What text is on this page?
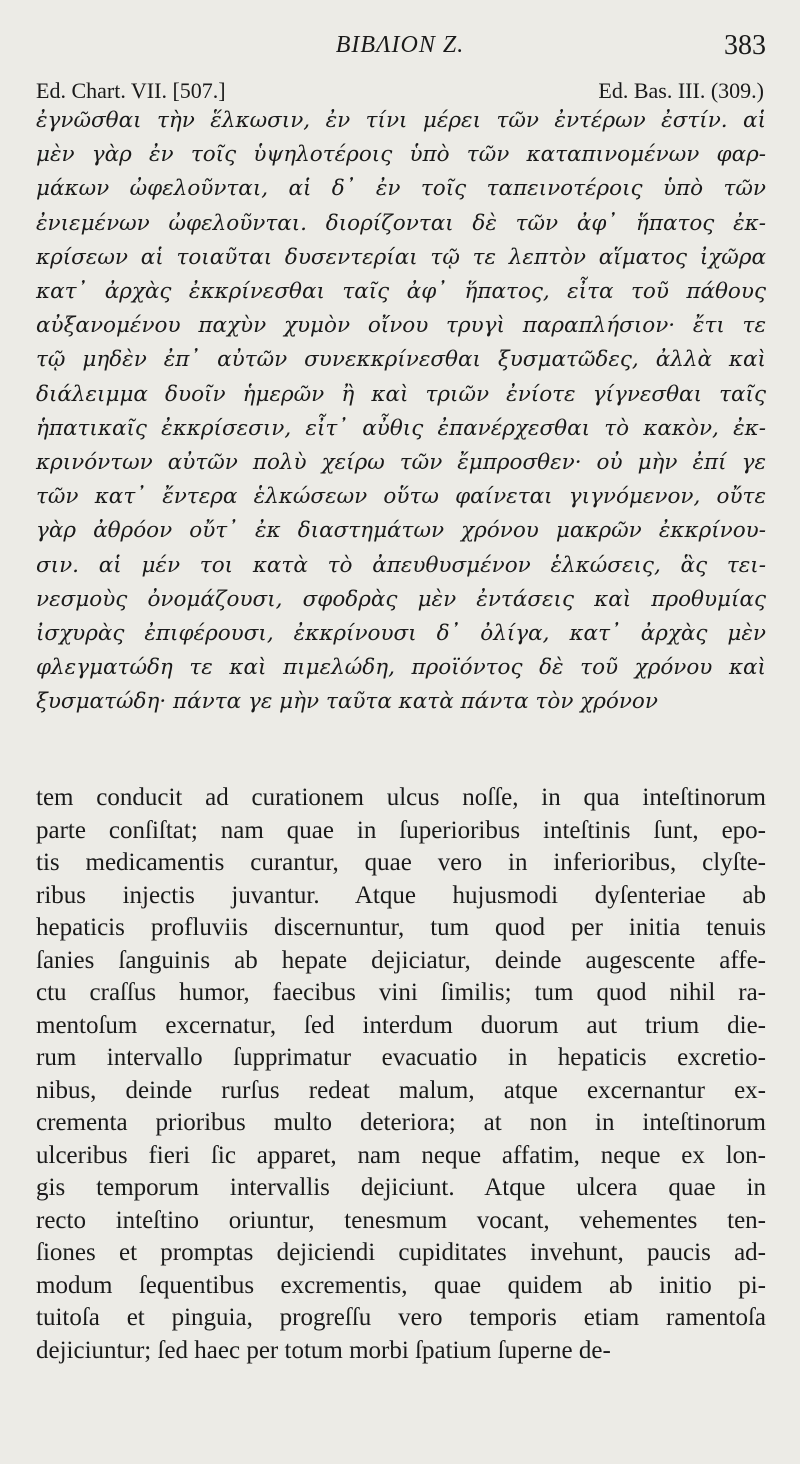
BIBΛΙΟΝ Ζ.	383
Ed. Chart. VII. [507.]	Ed. Bas. III. (309.)
ἐγνῶσθαι τὴν ἕλκωσιν, ἐν τίνι μέρει τῶν ἐντέρων ἐστίν. αἱ
μὲν γὰρ ἐν τοῖς ὑψηλοτέροις ὑπὸ τῶν καταπινομένων φαρ-
μάκων ὠφελοῦνται, αἱ δ᾽ ἐν τοῖς ταπεινοτέροις ὑπὸ τῶν
ἐνιεμένων ὠφελοῦνται. διορίζονται δὲ τῶν ἀφ᾽ ἥπατος ἐκ-
κρίσεων αἱ τοιαῦται δυσεντερίαι τῷ τε λεπτὸν αἵματος ἰχῶρα
κατ᾽ ἀρχὰς ἐκκρίνεσθαι ταῖς ἀφ᾽ ἥπατος, εἶτα τοῦ πάθους
αὐξανομένου παχὺν χυμὸν οἴνου τρυγὶ παραπλήσιον· ἔτι τε
τῷ μηδὲν ἐπ᾽ αὐτῶν συνεκκρίνεσθαι ξυσματῶδες, ἀλλὰ καὶ
διάλειμμα δυοῖν ἡμερῶν ἢ καὶ τριῶν ἐνίοτε γίγνεσθαι ταῖς
ἡπατικαῖς ἐκκρίσεσιν, εἶτ᾽ αὖθις ἐπανέρχεσθαι τὸ κακὸν, ἐκ-
κρινόντων αὐτῶν πολὺ χείρω τῶν ἔμπροσθεν· οὐ μὴν ἐπί γε
τῶν κατ᾽ ἔντερα ἑλκώσεων οὕτω φαίνεται γιγνόμενον, οὔτε
γὰρ ἀθρόον οὔτ᾽ ἐκ διαστημάτων χρόνου μακρῶν ἐκκρίνου-
σιν. αἱ μέν τοι κατὰ τὸ ἀπευθυσμένον ἑλκώσεις, ἃς τει-
νεσμοὺς ὀνομάζουσι, σφοδρὰς μὲν ἐντάσεις καὶ προθυμίας
ἰσχυρὰς ἐπιφέρουσι, ἐκκρίνουσι δ᾽ ὀλίγα, κατ᾽ ἀρχὰς μὲν
φλεγματώδη τε καὶ πιμελώδη, προϊόντος δὲ τοῦ χρόνου καὶ
ξυσματώδη· πάντα γε μὴν ταῦτα κατὰ πάντα τὸν χρόνον
tem conducit ad curationem ulcus noſſe, in qua inteſtinorum
parte conſiſtat; nam quae in ſuperioribus inteſtinis ſunt, epo-
tis medicamentis curantur, quae vero in inferioribus, clyſte-
ribus injectis juvantur. Atque hujusmodi dyſenteriae ab
hepaticis profluviis discernuntur, tum quod per initia tenuis
ſanies ſanguinis ab hepate dejiciatur, deinde augescente affe-
ctu craſſus humor, faecibus vini ſimilis; tum quod nihil ra-
mentoſum excernatur, ſed interdum duorum aut trium die-
rum intervallo ſupprimatur evacuatio in hepaticis excretio-
nibus, deinde rurſus redeat malum, atque excernantur ex-
crementa prioribus multo deteriora; at non in inteſtinorum
ulceribus fieri ſic apparet, nam neque affatim, neque ex lon-
gis temporum intervallis dejiciunt. Atque ulcera quae in
recto inteſtino oriuntur, tenesmum vocant, vehementes ten-
ſiones et promptas dejiciendi cupiditates invehunt, paucis ad-
modum ſequentibus excrementis, quae quidem ab initio pi-
tuitoſa et pinguia, progreſſu vero temporis etiam ramentoſa
dejiciuntur; ſed haec per totum morbi ſpatium ſuperne de-
